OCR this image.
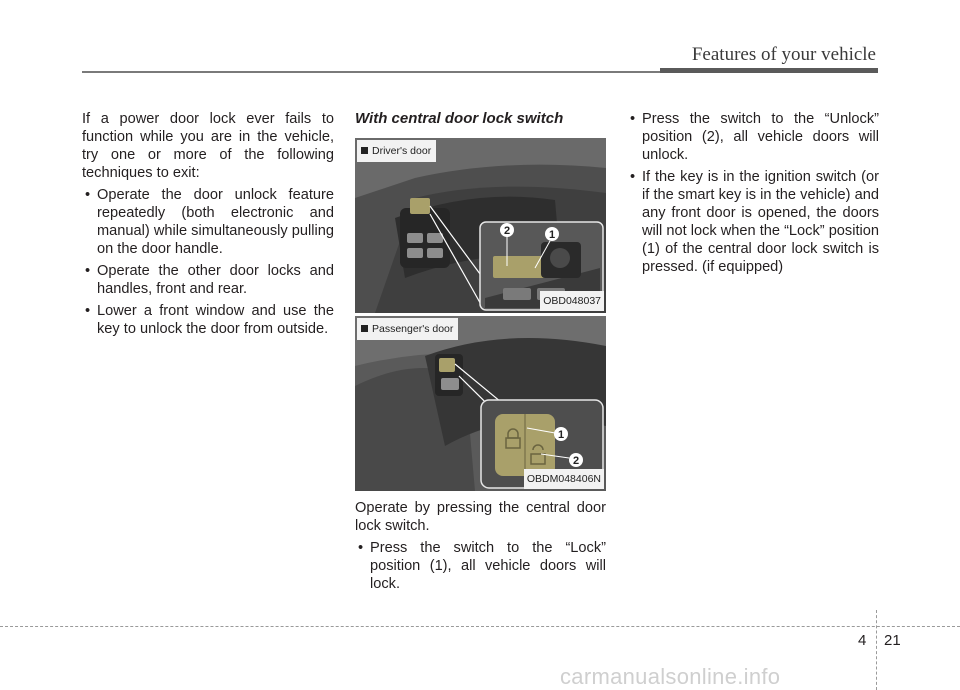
Features of your vehicle

If a power door lock ever fails to function while you are in the vehicle, try one or more of the following techniques to exit:

• Operate the door unlock feature repeatedly (both electronic and manual) while simultaneously pulling on the door handle.
• Operate the other door locks and handles, front and rear.
• Lower a front window and use the key to unlock the door from outside.
With central door lock switch
2	1
Driver's door
OBD048037
1
2
Passenger's door
OBDM048406N

Operate by pressing the central door lock switch.

• Press the switch to the “Lock” position (1), all vehicle doors will lock.
• Press the switch to the “Unlock” position (2), all vehicle doors will unlock.
• If the key is in the ignition switch (or if the smart key is in the vehicle) and any front door is opened, the doors will not lock when the “Lock” position (1) of the central door lock switch is pressed. (if equipped)
4 21
carmanualsonline.info
